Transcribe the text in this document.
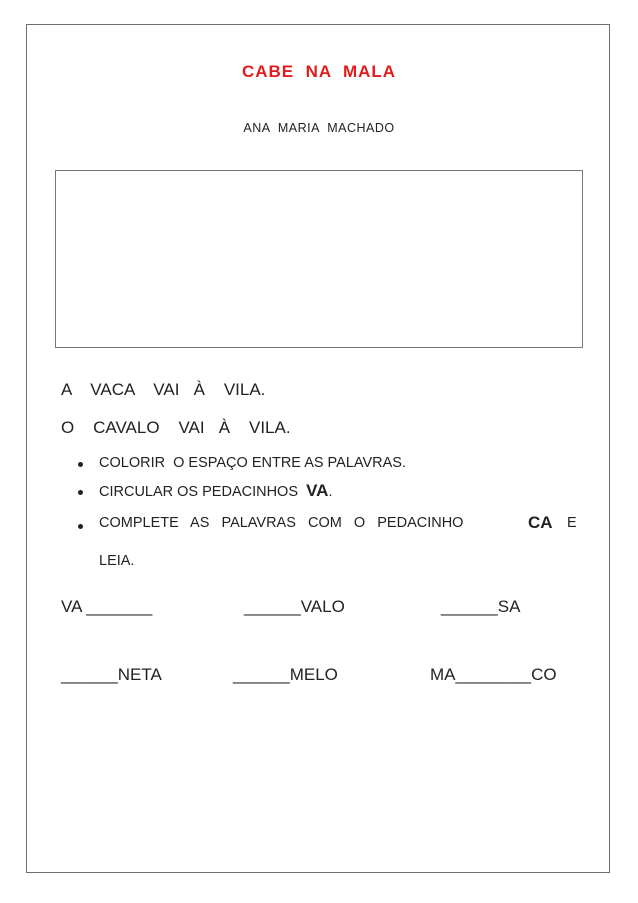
CABE  NA  MALA
ANA  MARIA  MACHADO
A    VACA    VAI   À    VILA.
O    CAVALO    VAI   À    VILA.
COLORIR  O ESPAÇO ENTRE AS PALAVRAS.
CIRCULAR OS PEDACINHOS  VA.
COMPLETE   AS   PALAVRAS   COM   O   PEDACINHO	CA E
LEIA.
VA _______	______VALO	______SA
______NETA	______MELO	MA________CO
